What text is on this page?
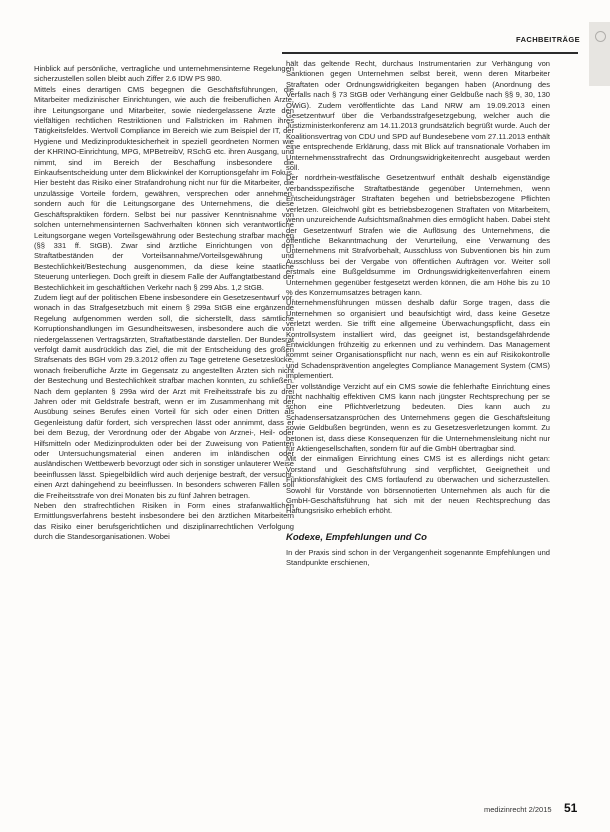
FACHBEITRÄGE

Hinblick auf persönliche, vertragliche und unternehmensinterne Regelungen sicherzustellen sollen bleibt auch Ziffer 2.6 IDW PS 980.

Mittels eines derartigen CMS begegnen die Geschäftsführungen, die Mitarbeiter medizinischer Einrichtungen, wie auch die freiberuflichen Ärzte, ihre Leitungsorgane und Mitarbeiter, sowie niedergelassene Ärzte den vielfältigen rechtlichen Restriktionen und Fallstricken im Rahmen ihres Tätigkeitsfeldes. Wertvoll Compliance im Bereich wie zum Beispiel der IT, der Hygiene und Medizinproduktesicherheit in speziell geordneten Normen wie der KHRINO-Einrichtung, MPG, MPBetreibV, RSchG etc. ihren Ausgang, und nimmt, sind im Bereich der Beschaffung insbesondere die Einkaufsentscheidung unter dem Blickwinkel der Korruptionsgefahr im Fokus. Hier besteht das Risiko einer Strafandrohung nicht nur für die Mitarbeiter, die unzulässige Vorteile fordern, gewähren, versprechen oder annehmen, sondern auch für die Leitungsorgane des Unternehmens, die diese Geschäftspraktiken fördern. Selbst bei nur passiver Kenntnisnahme von solchen unternehmensinternen Sachverhalten können sich verantwortliche Leitungsorgane wegen Vorteilsgewährung oder Bestechung strafbar machen (§§ 331 ff. StGB). Zwar sind ärztliche Einrichtungen von den Straftatbeständen der Vorteilsannahme/Vorteilsgewährung und Bestechlichkeit/Bestechung ausgenommen, da diese keine staatliche Steuerung unterliegen. Doch greift in diesem Falle der Auffangtatbestand der Bestechlichkeit im geschäftlichen Verkehr nach § 299 Abs. 1,2 StGB.

Zudem liegt auf der politischen Ebene insbesondere ein Gesetzesentwurf vor, wonach in das Strafgesetzbuch mit einem § 299a StGB eine ergänzende Regelung aufgenommen werden soll, die sicherstellt, dass sämtliche Korruptionshandlungen im Gesundheitswesen, insbesondere auch die von niedergelassenen Vertragsärzten, Straftatbestände darstellen. Der Bundesrat verfolgt damit ausdrücklich das Ziel, die mit der Entscheidung des großen Strafsenats des BGH vom 29.3.2012 offen zu Tage getretene Gesetzeslücke, wonach freiberufliche Ärzte im Gegensatz zu angestellten Ärzten sich nicht der Bestechung und Bestechlichkeit strafbar machen konnten, zu schließen. Nach dem geplanten § 299a wird der Arzt mit Freiheitsstrafe bis zu drei Jahren oder mit Geldstrafe bestraft, wenn er im Zusammenhang mit der Ausübung seines Berufes einen Vorteil für sich oder einen Dritten als Gegenleistung dafür fordert, sich versprechen lässt oder annimmt, dass er bei dem Bezug, der Verordnung oder der Abgabe von Arznei-, Heil- oder Hilfsmitteln oder Medizinprodukten oder bei der Zuweisung von Patienten oder Untersuchungsmaterial einen anderen im inländischen oder ausländischen Wettbewerb bevorzugt oder sich in sonstiger unlauterer Weise beeinflussen lässt. Spiegelbildlich wird auch derjenige bestraft, der versucht, einen Arzt dahingehend zu beeinflussen. In besonders schweren Fällen soll die Freiheitsstrafe von drei Monaten bis zu fünf Jahren betragen.

Neben den strafrechtlichen Risiken in Form eines strafanwaltlichen Ermittlungsverfahrens besteht insbesondere bei den ärztlichen Mitarbeitern das Risiko einer berufsgerichtlichen und disziplinarrechtlichen Verfolgung durch die Standesorganisationen. Wobei

hält das geltende Recht, durchaus Instrumentarien zur Verhängung von Sanktionen gegen Unternehmen selbst bereit, wenn deren Mitarbeiter Straftaten oder Ordnungswidrigkeiten begangen haben (Anordnung des Verfalls nach § 73 StGB oder Verhängung einer Geldbuße nach §§ 9, 30, 130 OWiG). Zudem veröffentlichte das Land NRW am 19.09.2013 einen Gesetzentwurf über die Verbandsstrafgesetzgebung, welcher auch die Justizministerkonferenz am 14.11.2013 grundsätzlich begrüßt wurde. Auch der Koalitionsvertrag von CDU und SPD auf Bundesebene vom 27.11.2013 enthält eine entsprechende Erklärung, dass mit Blick auf transnationale Vorhaben im Unternehmensstrafrecht das Ordnungswidrigkeitenrecht ausgebaut werden soll.

Der nordrhein-westfälische Gesetzentwurf enthält deshalb eigenständige verbandsspezifische Straftatbestände gegenüber Unternehmen, wenn Entscheidungsträger Straftaten begehen und betriebsbezogene Pflichten verletzen. Gleichwohl gibt es betriebsbezogenen Straftaten von Mitarbeitern, wenn unzureichende Aufsichtsmaßnahmen dies ermöglicht haben. Dabei steht der Gesetzentwurf Strafen wie die Auflösung des Unternehmens, die öffentliche Bekanntmachung der Verurteilung, eine Verwarnung des Unternehmens mit Strafvorbehalt, Ausschluss von Subventionen bis hin zum Ausschluss bei der Vergabe von öffentlichen Aufträgen vor. Weiter soll erstmals eine Bußgeldsumme im Ordnungswidrigkeitenverfahren einem Unternehmen gegenüber festgesetzt werden können, die am Höhe bis zu 10 % des Konzernumsatzes betragen kann.

Unternehmensführungen müssen deshalb dafür Sorge tragen, dass die Unternehmen so organisiert und beaufsichtigt wird, dass keine Gesetze verletzt werden. Sie trifft eine allgemeine Überwachungspflicht, dass ein Kontrollsystem installiert wird, das geeignet ist, bestandsgefährdende Entwicklungen frühzeitig zu erkennen und zu verhindern. Das Management kommt seiner Organisationspflicht nur nach, wenn es ein auf Risikokontrolle und Schadensprävention angelegtes Compliance Management System (CMS) implementiert.

Der vollständige Verzicht auf ein CMS sowie die fehlerhafte Einrichtung eines nicht nachhaltig effektiven CMS kann nach jüngster Rechtsprechung per se schon eine Pflichtverletzung bedeuten. Dies kann auch zu Schadensersatzansprüchen des Unternehmens gegen die Geschäftsleitung sowie Geldbußen begründen, wenn es zu Gesetzesverletzungen kommt. Zu betonen ist, dass diese Konsequenzen für die Unternehmensleitung nicht nur für Aktiengesellschaften, sondern für auf die GmbH übertragbar sind.

Mit der einmaligen Einrichtung eines CMS ist es allerdings nicht getan: Vorstand und Geschäftsführung sind verpflichtet, Geeignetheit und Funktionsfähigkeit des CMS fortlaufend zu überwachen und sicherzustellen. Sowohl für Vorstände von börsennotierten Unternehmen als auch für die GmbH-Geschäftsführung hat sich mit der neuen Rechtsprechung das Haftungsrisiko erheblich erhöht.

Kodexe, Empfehlungen und Co

In der Praxis sind schon in der Vergangenheit sogenannte Empfehlungen und Standpunkte erschienen,

medizinrecht 2/2015 51
